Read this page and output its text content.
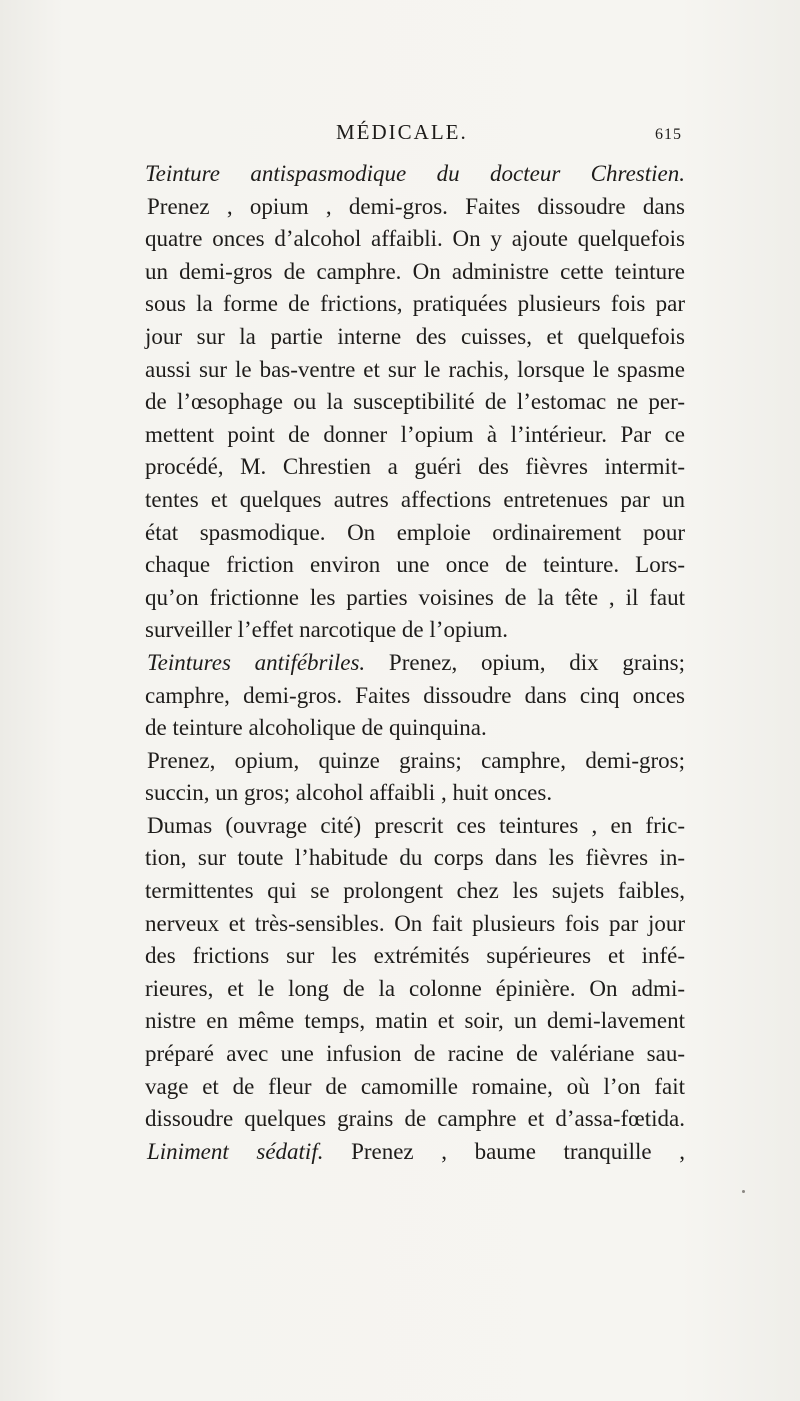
MÉDICALE.	615
Teinture antispasmodique du docteur Chrestien.
Prenez , opium , demi-gros. Faites dissoudre dans
quatre onces d’alcohol affaibli. On y ajoute quelquefois
un demi-gros de camphre. On administre cette teinture
sous la forme de frictions, pratiquées plusieurs fois par
jour sur la partie interne des cuisses, et quelquefois
aussi sur le bas-ventre et sur le rachis, lorsque le spasme
de l’œsophage ou la susceptibilité de l’estomac ne per-
mettent point de donner l’opium à l’intérieur. Par ce
procédé, M. Chrestien a guéri des fièvres intermit-
tentes et quelques autres affections entretenues par un
état spasmodique. On emploie ordinairement pour
chaque friction environ une once de teinture. Lors-
qu’on frictionne les parties voisines de la tête , il faut
surveiller l’effet narcotique de l’opium.
Teintures antifébriles. Prenez, opium, dix grains;
camphre, demi-gros. Faites dissoudre dans cinq onces
de teinture alcoholique de quinquina.
Prenez, opium, quinze grains; camphre, demi-gros;
succin, un gros; alcohol affaibli , huit onces.
Dumas (ouvrage cité) prescrit ces teintures , en fric-
tion, sur toute l’habitude du corps dans les fièvres in-
termittentes qui se prolongent chez les sujets faibles,
nerveux et très-sensibles. On fait plusieurs fois par jour
des frictions sur les extrémités supérieures et infé-
rieures, et le long de la colonne épinière. On admi-
nistre en même temps, matin et soir, un demi-lavement
préparé avec une infusion de racine de valériane sau-
vage et de fleur de camomille romaine, où l’on fait
dissoudre quelques grains de camphre et d’assa-fœtida.
Liniment sédatif. Prenez , baume tranquille ,
